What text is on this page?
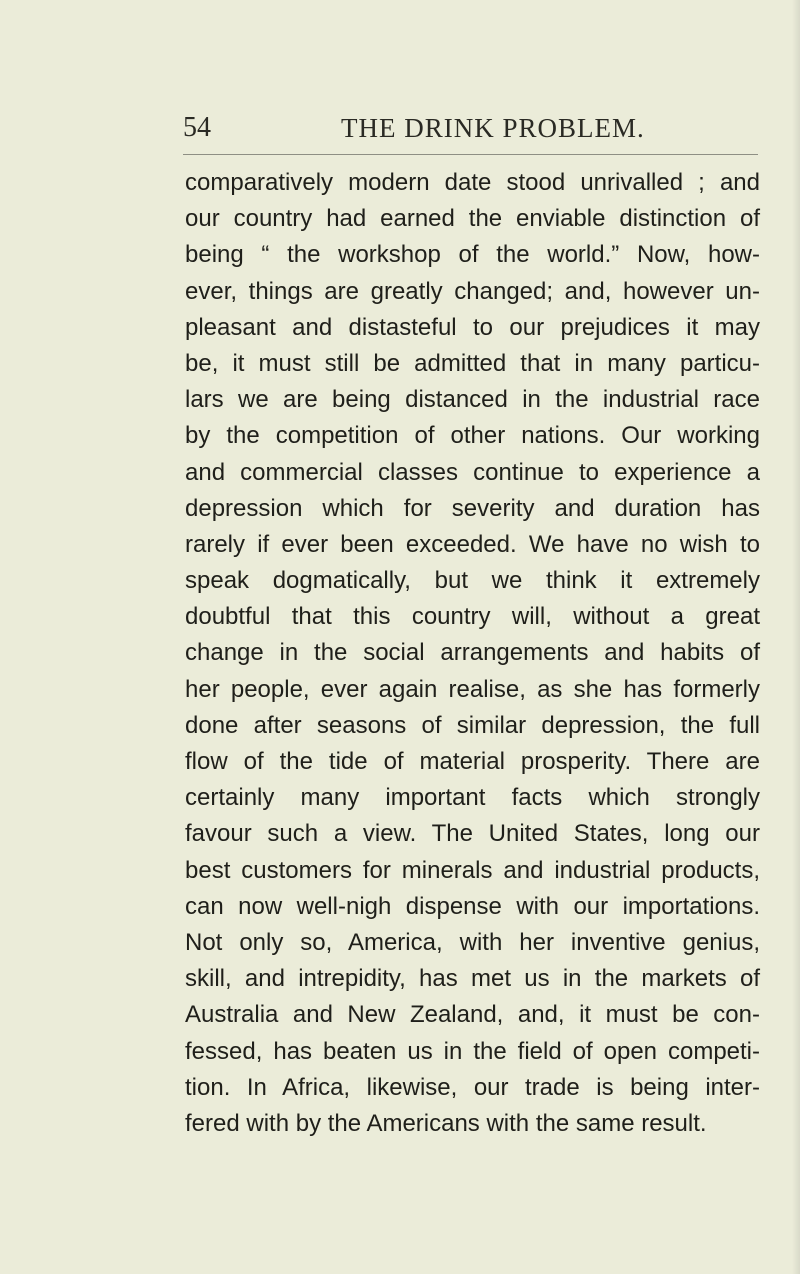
54	THE DRINK PROBLEM.
comparatively modern date stood unrivalled ; and
our country had earned the enviable distinction of
being “ the workshop of the world.” Now, how-
ever, things are greatly changed; and, however un-
pleasant and distasteful to our prejudices it may
be, it must still be admitted that in many particu-
lars we are being distanced in the industrial race
by the competition of other nations. Our working
and commercial classes continue to experience a
depression which for severity and duration has
rarely if ever been exceeded. We have no wish to
speak dogmatically, but we think it extremely
doubtful that this country will, without a great
change in the social arrangements and habits of
her people, ever again realise, as she has formerly
done after seasons of similar depression, the full
flow of the tide of material prosperity. There are
certainly many important facts which strongly
favour such a view. The United States, long our
best customers for minerals and industrial products,
can now well-nigh dispense with our importations.
Not only so, America, with her inventive genius,
skill, and intrepidity, has met us in the markets of
Australia and New Zealand, and, it must be con-
fessed, has beaten us in the field of open competi-
tion. In Africa, likewise, our trade is being inter-
fered with by the Americans with the same result.
